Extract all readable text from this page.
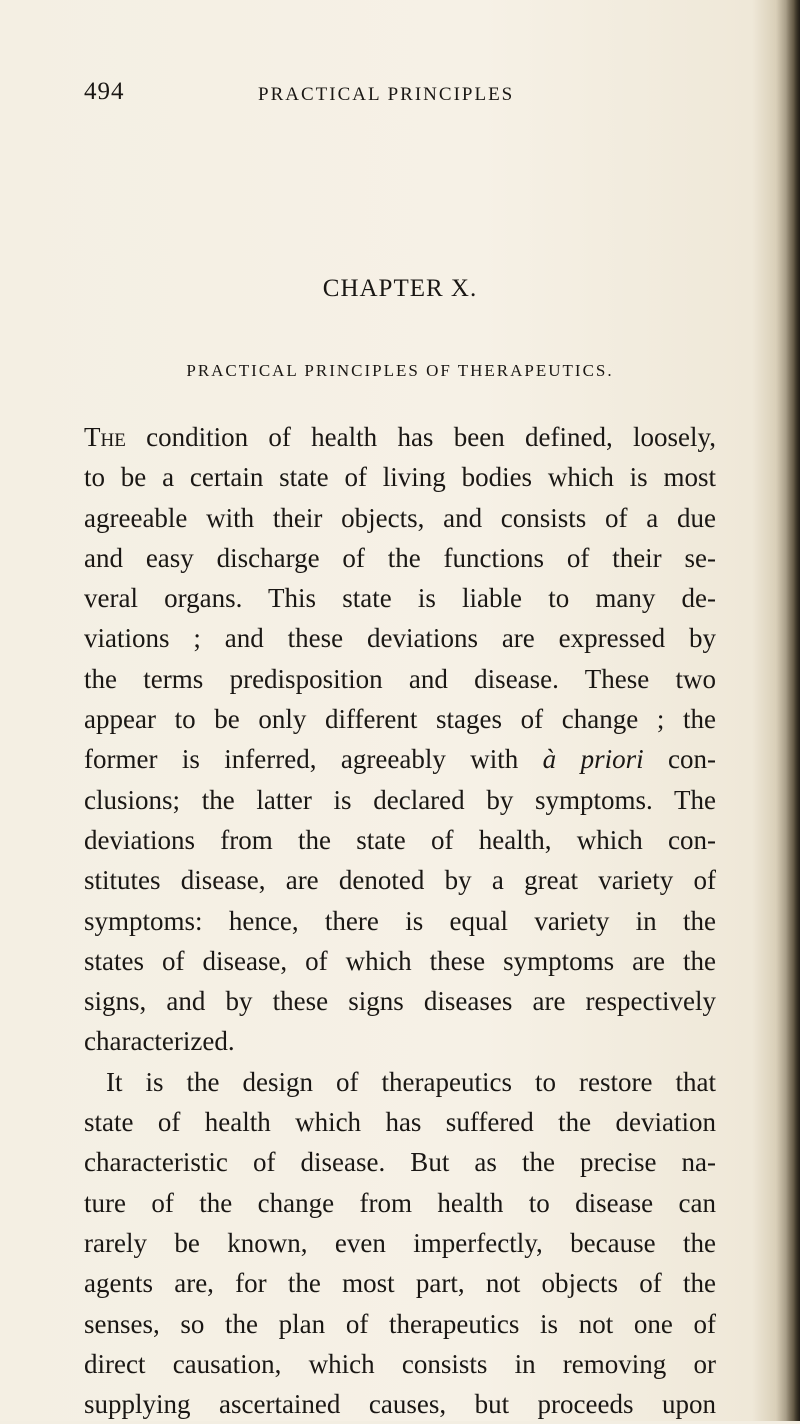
494	PRACTICAL PRINCIPLES
CHAPTER X.
PRACTICAL PRINCIPLES OF THERAPEUTICS.
The condition of health has been defined, loosely,
to be a certain state of living bodies which is most
agreeable with their objects, and consists of a due
and easy discharge of the functions of their se-
veral organs. This state is liable to many de-
viations ; and these deviations are expressed by
the terms predisposition and disease. These two
appear to be only different stages of change ; the
former is inferred, agreeably with à priori con-
clusions; the latter is declared by symptoms. The
deviations from the state of health, which con-
stitutes disease, are denoted by a great variety of
symptoms: hence, there is equal variety in the
states of disease, of which these symptoms are the
signs, and by these signs diseases are respectively
characterized.
It is the design of therapeutics to restore that
state of health which has suffered the deviation
characteristic of disease. But as the precise na-
ture of the change from health to disease can
rarely be known, even imperfectly, because the
agents are, for the most part, not objects of the
senses, so the plan of therapeutics is not one of
direct causation, which consists in removing or
supplying ascertained causes, but proceeds upon
